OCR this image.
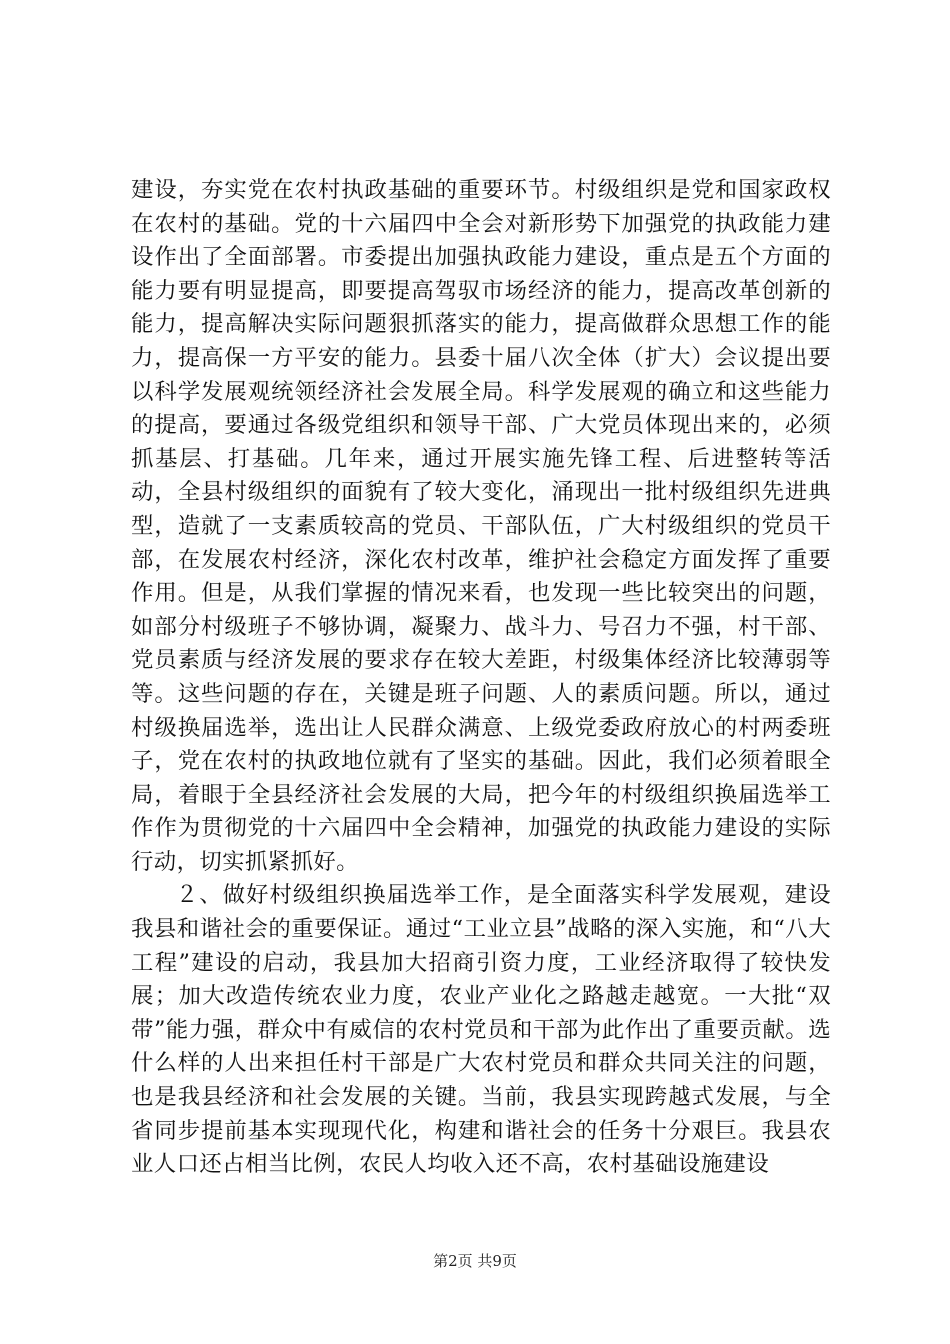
建设，夯实党在农村执政基础的重要环节。村级组织是党和国家政权在农村的基础。党的十六届四中全会对新形势下加强党的执政能力建设作出了全面部署。市委提出加强执政能力建设，重点是五个方面的能力要有明显提高，即要提高驾驭市场经济的能力，提高改革创新的能力，提高解决实际问题狠抓落实的能力，提高做群众思想工作的能力，提高保一方平安的能力。县委十届八次全体（扩大）会议提出要以科学发展观统领经济社会发展全局。科学发展观的确立和这些能力的提高，要通过各级党组织和领导干部、广大党员体现出来的，必须抓基层、打基础。几年来，通过开展实施先锋工程、后进整转等活动，全县村级组织的面貌有了较大变化，涌现出一批村级组织先进典型，造就了一支素质较高的党员、干部队伍，广大村级组织的党员干部，在发展农村经济，深化农村改革，维护社会稳定方面发挥了重要作用。但是，从我们掌握的情况来看，也发现一些比较突出的问题，如部分村级班子不够协调，凝聚力、战斗力、号召力不强，村干部、党员素质与经济发展的要求存在较大差距，村级集体经济比较薄弱等等。这些问题的存在，关键是班子问题、人的素质问题。所以，通过村级换届选举，选出让人民群众满意、上级党委政府放心的村两委班子，党在农村的执政地位就有了坚实的基础。因此，我们必须着眼全局，着眼于全县经济社会发展的大局，把今年的村级组织换届选举工作作为贯彻党的十六届四中全会精神，加强党的执政能力建设的实际行动，切实抓紧抓好。

２、做好村级组织换届选举工作，是全面落实科学发展观，建设我县和谐社会的重要保证。通过“工业立县”战略的深入实施，和“八大工程”建设的启动，我县加大招商引资力度，工业经济取得了较快发展；加大改造传统农业力度，农业产业化之路越走越宽。一大批“双带”能力强，群众中有威信的农村党员和干部为此作出了重要贡献。选什么样的人出来担任村干部是广大农村党员和群众共同关注的问题，也是我县经济和社会发展的关键。当前，我县实现跨越式发展，与全省同步提前基本实现现代化，构建和谐社会的任务十分艰巨。我县农业人口还占相当比例，农民人均收入还不高，农村基础设施建设

第2页 共9页
